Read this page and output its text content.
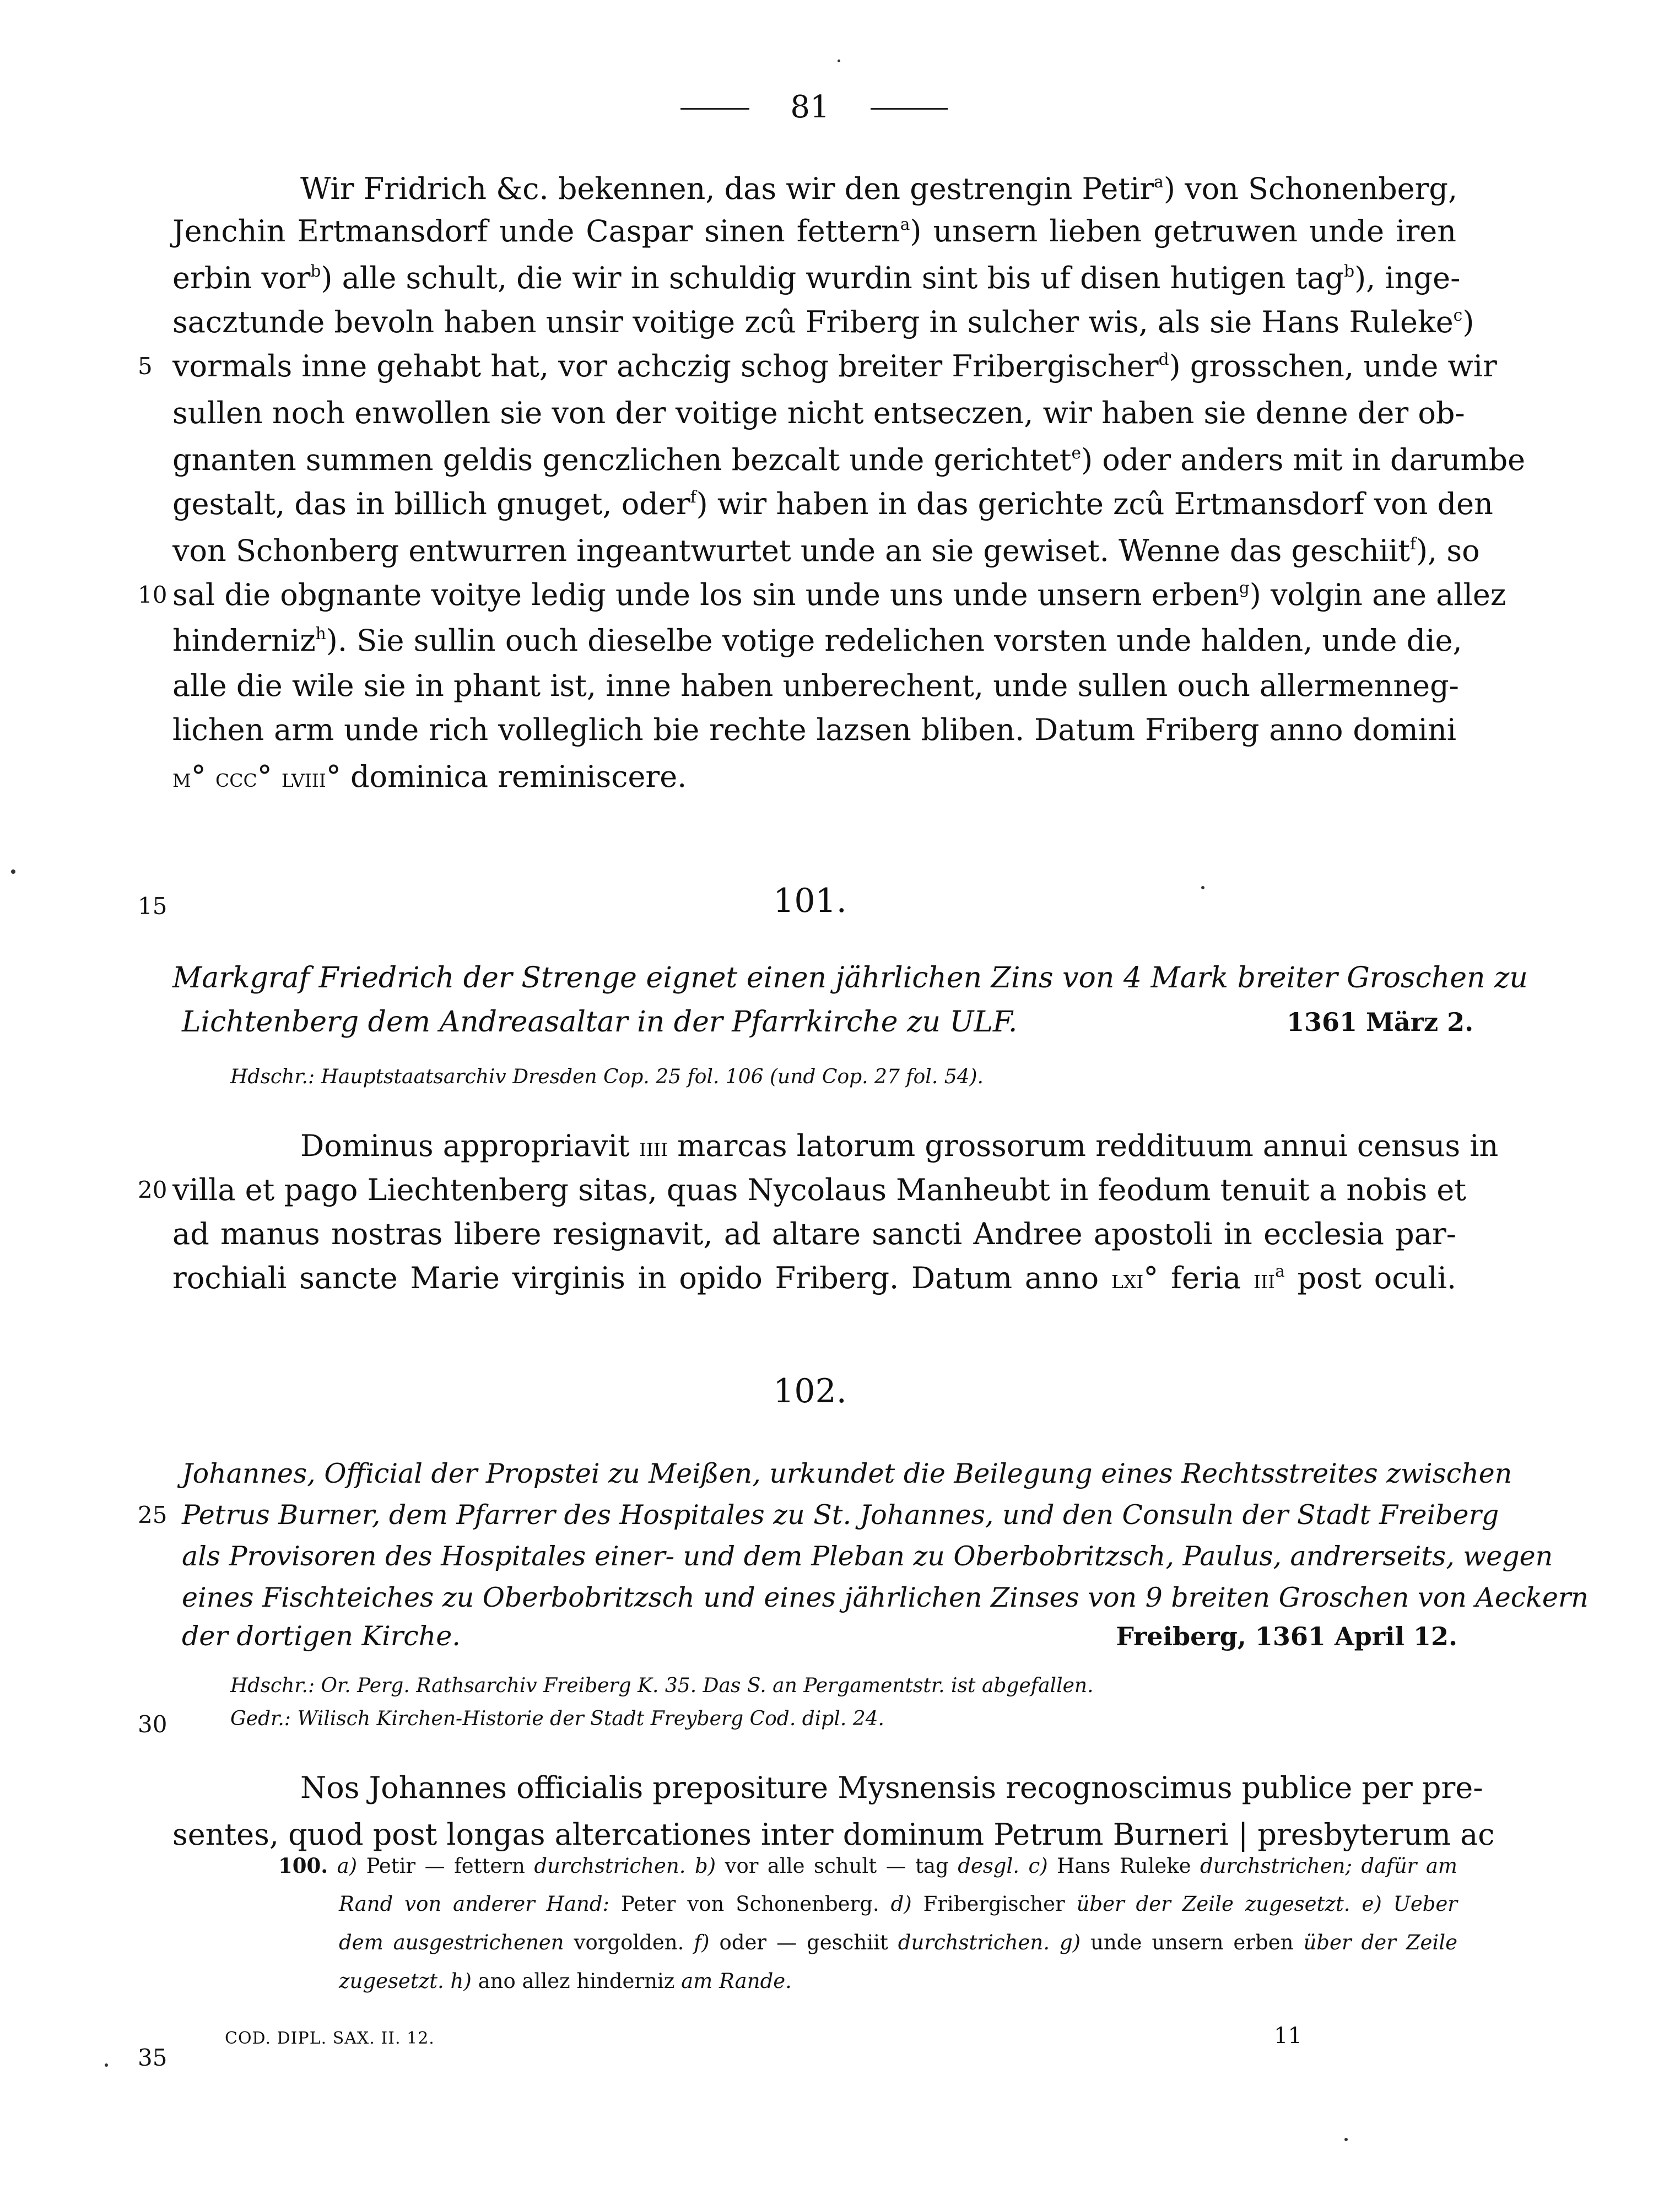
81
Wir Fridrich &c. bekennen, das wir den gestrengin Petir$^a$) von Schonenberg,
Jenchin Ertmansdorf unde Caspar sinen fettern$^a$) unsern lieben getruwen unde iren
erbin vor$^b$) alle schult, die wir in schuldig wurdin sint bis uf disen hutigen tag$^b$), inge-
sacztunde bevoln haben unsir voitige zcû Friberg in sulcher wis, als sie Hans Ruleke$^c$)
vormals inne gehabt hat, vor achczig schog breiter Fribergischer$^d$) grosschen, unde wir
sullen noch enwollen sie von der voitige nicht entseczen, wir haben sie denne der ob-
gnanten summen geldis genczlichen bezcalt unde gerichtet$^e$) oder anders mit in darumbe
gestalt, das in billich gnuget, oder$^f$) wir haben in das gerichte zcû Ertmansdorf von den
von Schonberg entwurren ingeantwurtet unde an sie gewiset. Wenne das geschiit$^f$), so
sal die obgnante voitye ledig unde los sin unde uns unde unsern erben$^g$) volgin ane allez
hinderniz$^h$). Sie sullin ouch dieselbe votige redelichen vorsten unde halden, unde die,
alle die wile sie in phant ist, inne haben unberechent, unde sullen ouch allermenneg-
lichen arm unde rich volleglich bie rechte lazsen bliben. Datum Friberg anno domini
m° ccc° lviii° dominica reminiscere.
5
10
15
20
25
30
35
101.
Markgraf Friedrich der Strenge eignet einen jährlichen Zins von 4 Mark breiter Groschen zu
Lichtenberg dem Andreasaltar in der Pfarrkirche zu ULF.	1361 März 2.
Hdschr.: Hauptstaatsarchiv Dresden Cop. 25 fol. 106 (und Cop. 27 fol. 54).
Dominus appropriavit iiii marcas latorum grossorum reddituum annui census in
villa et pago Liechtenberg sitas, quas Nycolaus Manheubt in feodum tenuit a nobis et
ad manus nostras libere resignavit, ad altare sancti Andree apostoli in ecclesia par-
rochiali sancte Marie virginis in opido Friberg. Datum anno lxi° feria iii$^a$ post oculi.
102.
Johannes, Official der Propstei zu Meißen, urkundet die Beilegung eines Rechtsstreites zwischen
Petrus Burner, dem Pfarrer des Hospitales zu St. Johannes, und den Consuln der Stadt Freiberg
als Provisoren des Hospitales einer- und dem Pleban zu Oberbobritzsch, Paulus, andrerseits, wegen
eines Fischteiches zu Oberbobritzsch und eines jährlichen Zinses von 9 breiten Groschen von Aeckern
der dortigen Kirche.	Freiberg, 1361 April 12.
Hdschr.: Or. Perg. Rathsarchiv Freiberg K. 35. Das S. an Pergamentstr. ist abgefallen.
Gedr.: Wilisch Kirchen-Historie der Stadt Freyberg Cod. dipl. 24.
Nos Johannes officialis prepositure Mysnensis recognoscimus publice per pre-
sentes, quod post longas altercationes inter dominum Petrum Burneri | presbyterum ac
100. a) Petir — fettern durchstrichen. b) vor alle schult — tag desgl. c) Hans Ruleke durchstrichen; dafür am
Rand von anderer Hand: Peter von Schonenberg. d) Fribergischer über der Zeile zugesetzt. e) Ueber
dem ausgestrichenen vorgolden. f) oder — geschiit durchstrichen. g) unde unsern erben über der Zeile
zugesetzt. h) ano allez hinderniz am Rande.
COD. DIPL. SAX. II. 12.	11
